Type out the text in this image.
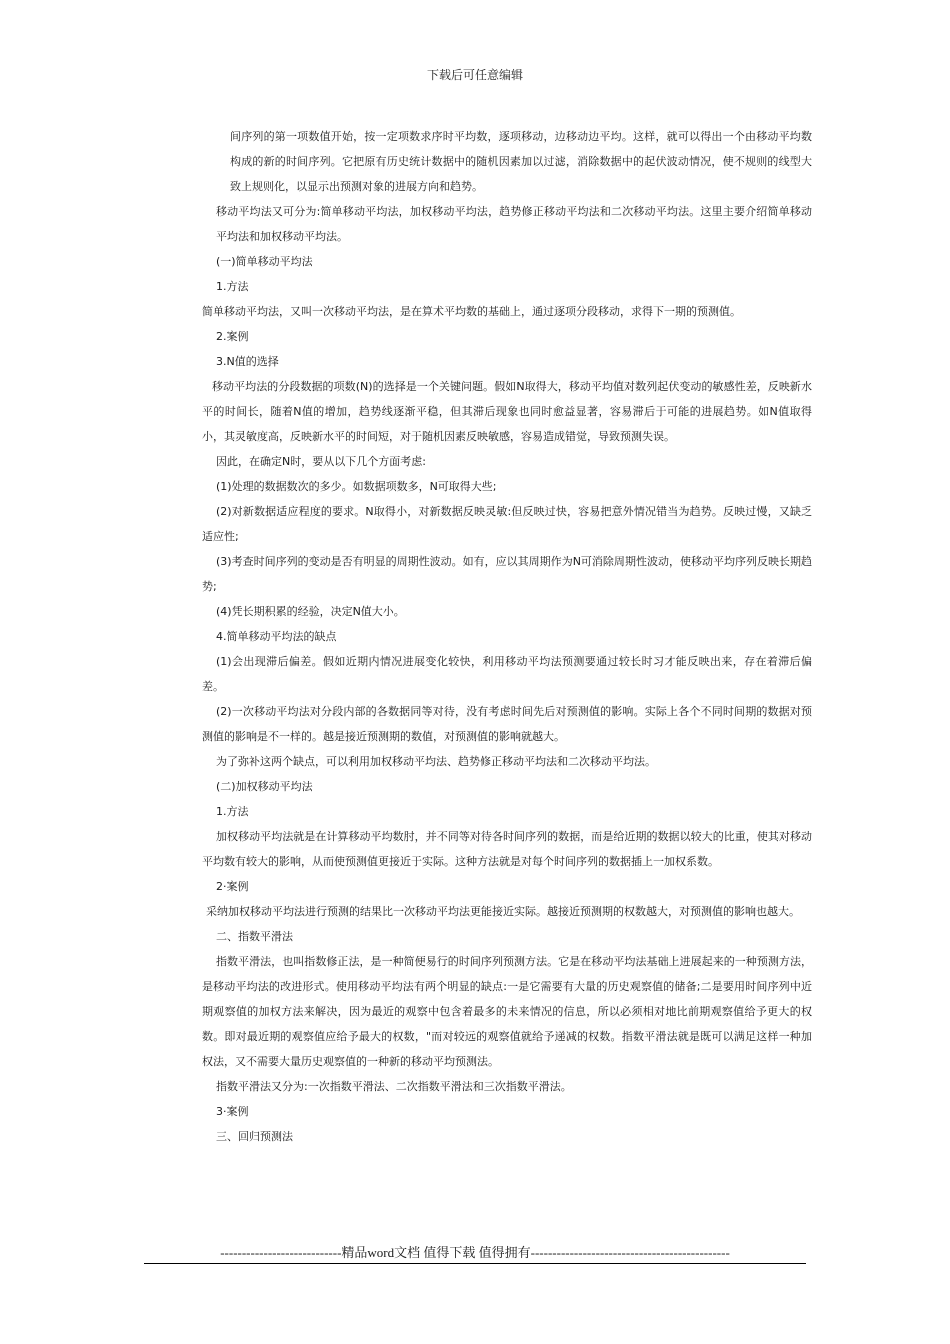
下载后可任意编辑

间序列的第一项数值开始，按一定项数求序时平均数，逐项移动，边移动边平均。这样，就可以得出一个由移动平均数构成的新的时间序列。它把原有历史统计数据中的随机因素加以过滤，消除数据中的起伏波动情况，使不规则的线型大致上规则化，以显示出预测对象的进展方向和趋势。

移动平均法又可分为:简单移动平均法，加权移动平均法，趋势修正移动平均法和二次移动平均法。这里主要介绍简单移动平均法和加权移动平均法。

(一)简单移动平均法

1.方法

简单移动平均法，又叫一次移动平均法，是在算术平均数的基础上，通过逐项分段移动，求得下一期的预测值。

2.案例

3.N值的选择

移动平均法的分段数据的项数(N)的选择是一个关键问题。假如N取得大，移动平均值对数列起伏变动的敏感性差，反映新水平的时间长，随着N值的增加，趋势线逐渐平稳，但其滞后现象也同时愈益显著，容易滞后于可能的进展趋势。如N值取得小，其灵敏度高，反映新水平的时间短，对于随机因素反映敏感，容易造成错觉，导致预测失误。

因此，在确定N时，要从以下几个方面考虑:

(1)处理的数据数次的多少。如数据项数多，N可取得大些;

(2)对新数据适应程度的要求。N取得小，对新数据反映灵敏:但反映过快，容易把意外情况错当为趋势。反映过慢，又缺乏适应性;

(3)考查时间序列的变动是否有明显的周期性波动。如有，应以其周期作为N可消除周期性波动，使移动平均序列反映长期趋势;

(4)凭长期积累的经验，决定N值大小。

4.简单移动平均法的缺点

(1)会出现滞后偏差。假如近期内情况进展变化较快，利用移动平均法预测要通过较长时习才能反映出来，存在着滞后偏差。

(2)一次移动平均法对分段内部的各数据同等对待，没有考虑时间先后对预测值的影响。实际上各个不同时间期的数据对预测值的影响是不一样的。越是接近预测期的数值，对预测值的影响就越大。

为了弥补这两个缺点，可以利用加权移动平均法、趋势修正移动平均法和二次移动平均法。

(二)加权移动平均法

1.方法

加权移动平均法就是在计算移动平均数肘，并不同等对待各时间序列的数据，而是给近期的数据以较大的比重，使其对移动平均数有较大的影响，从而使预测值更接近于实际。这种方法就是对每个时间序列的数据插上一加权系数。

2·案例

采纳加权移动平均法进行预测的结果比一次移动平均法更能接近实际。越接近预测期的权数越大，对预测值的影响也越大。

二、指数平滑法

指数平滑法，也叫指数修正法，是一种简便易行的时间序列预测方法。它是在移动平均法基础上进展起来的一种预测方法，是移动平均法的改进形式。使用移动平均法有两个明显的缺点:一是它需要有大量的历史观察值的储备;二是要用时间序列中近期观察值的加权方法来解决，因为最近的观察中包含着最多的未来情况的信息，所以必须相对地比前期观察值给予更大的权数。即对最近期的观察值应给予最大的权数，"而对较远的观察值就给予递减的权数。指数平滑法就是既可以满足这样一种加权法，又不需要大量历史观察值的一种新的移动平均预测法。

指数平滑法又分为:一次指数平滑法、二次指数平滑法和三次指数平滑法。

3·案例

三、回归预测法

----------------------------精品word文档 值得下载 值得拥有----------------------------------------------
